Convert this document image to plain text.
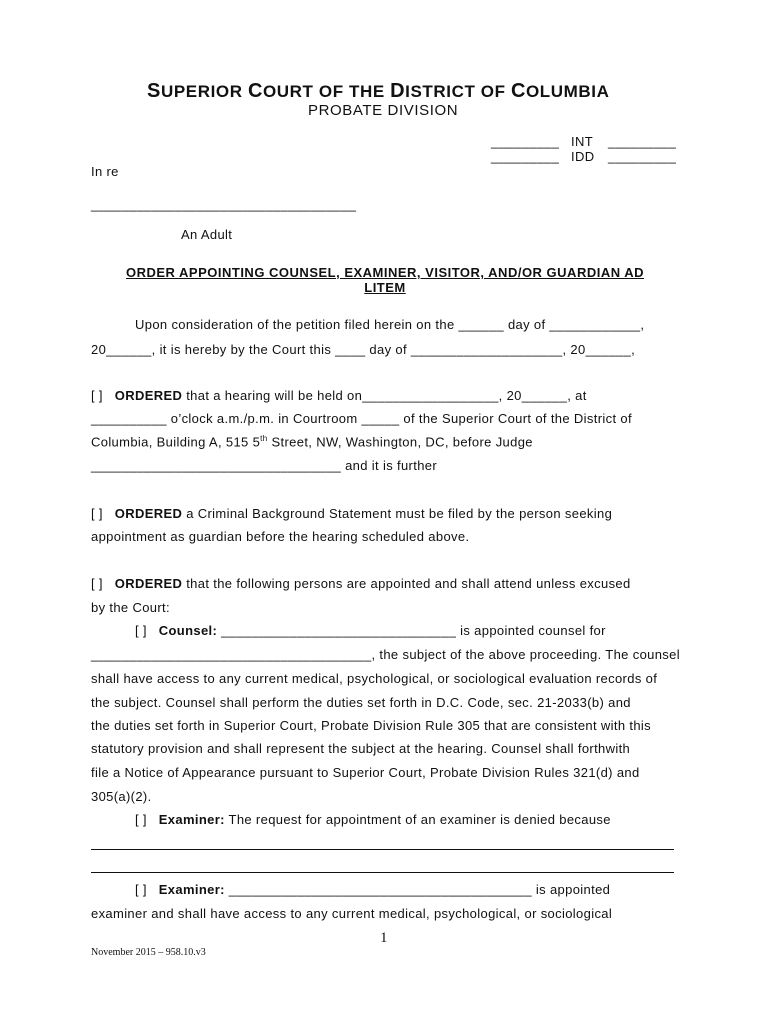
SUPERIOR COURT OF THE DISTRICT OF COLUMBIA
PROBATE DIVISION
_________ INT _________
_________ IDD _________
In re
___________________________________
An Adult
ORDER APPOINTING COUNSEL, EXAMINER, VISITOR, AND/OR GUARDIAN AD
LITEM
Upon consideration of the petition filed herein on the ______ day of ____________,
20______, it is hereby by the Court this ____ day of ____________________, 20______,
[ ] ORDERED that a hearing will be held on__________________, 20______, at
__________ o’clock a.m./p.m. in Courtroom _____ of the Superior Court of the District of
Columbia, Building A, 515 5th Street, NW, Washington, DC, before Judge
_________________________________ and it is further
[ ] ORDERED a Criminal Background Statement must be filed by the person seeking
appointment as guardian before the hearing scheduled above.
[ ] ORDERED that the following persons are appointed and shall attend unless excused
by the Court:
[ ] Counsel: _______________________________ is appointed counsel for
_____________________________________, the subject of the above proceeding. The counsel
shall have access to any current medical, psychological, or sociological evaluation records of
the subject. Counsel shall perform the duties set forth in D.C. Code, sec. 21-2033(b) and
the duties set forth in Superior Court, Probate Division Rule 305 that are consistent with this
statutory provision and shall represent the subject at the hearing. Counsel shall forthwith
file a Notice of Appearance pursuant to Superior Court, Probate Division Rules 321(d) and
305(a)(2).
[ ] Examiner: The request for appointment of an examiner is denied because
[ ] Examiner: ________________________________________ is appointed
examiner and shall have access to any current medical, psychological, or sociological
1
November 2015 – 958.10.v3
